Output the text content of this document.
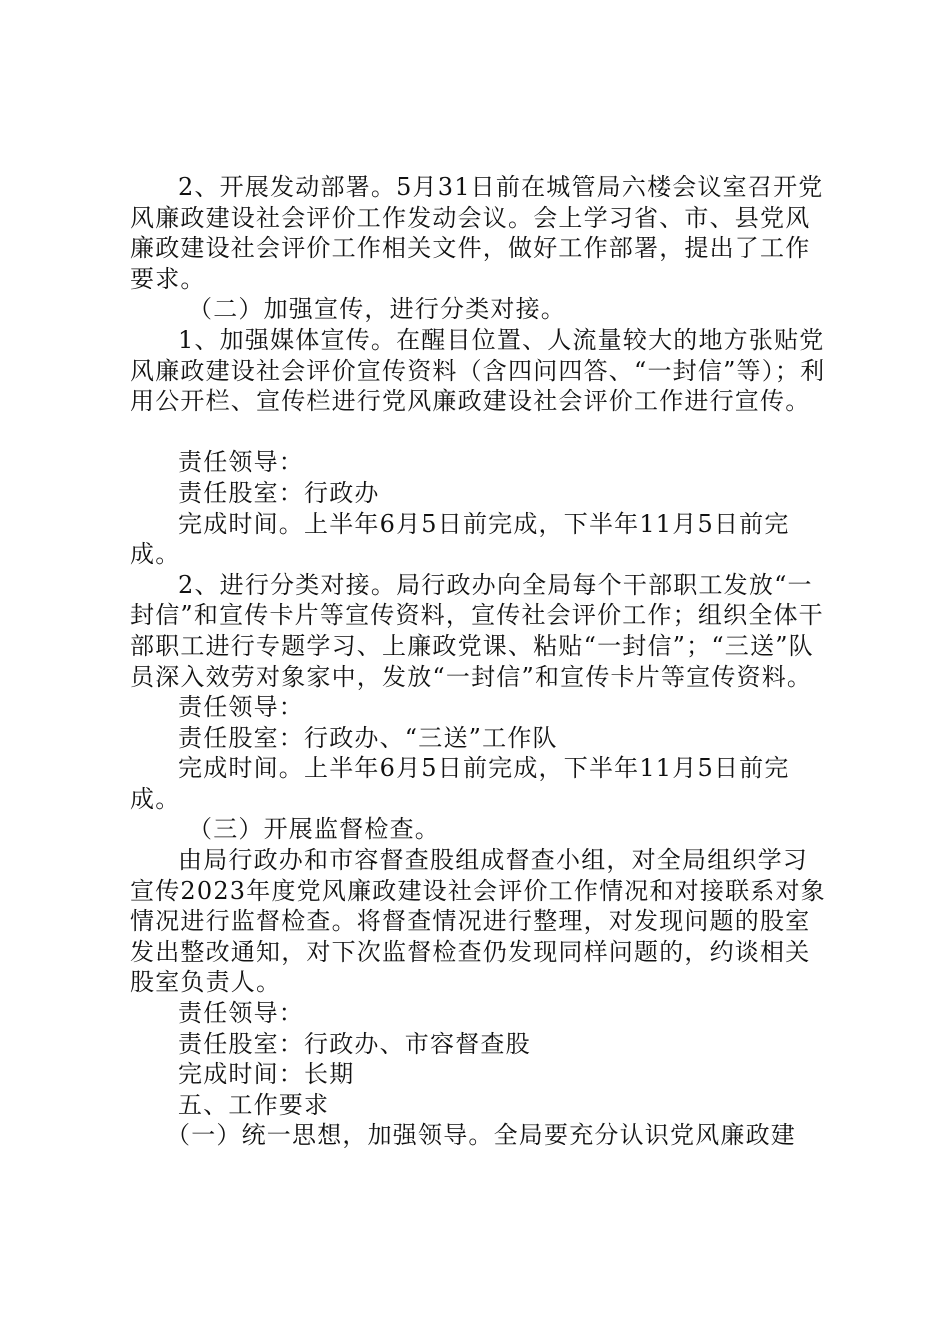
2、开展发动部署。5月31日前在城管局六楼会议室召开党风廉政建设社会评价工作发动会议。会上学习省、市、县党风廉政建设社会评价工作相关文件，做好工作部署，提出了工作要求。

（二）加强宣传，进行分类对接。

1、加强媒体宣传。在醒目位置、人流量较大的地方张贴党风廉政建设社会评价宣传资料（含四问四答、“一封信”等）；利用公开栏、宣传栏进行党风廉政建设社会评价工作进行宣传。

责任领导：

责任股室：行政办

完成时间。上半年6月5日前完成，下半年11月5日前完成。

2、进行分类对接。局行政办向全局每个干部职工发放“一封信”和宣传卡片等宣传资料，宣传社会评价工作；组织全体干部职工进行专题学习、上廉政党课、粘贴“一封信”；“三送”队员深入效劳对象家中，发放“一封信”和宣传卡片等宣传资料。

责任领导：

责任股室：行政办、“三送”工作队

完成时间。上半年6月5日前完成，下半年11月5日前完成。

（三）开展监督检查。

由局行政办和市容督查股组成督查小组，对全局组织学习宣传2023年度党风廉政建设社会评价工作情况和对接联系对象情况进行监督检查。将督查情况进行整理，对发现问题的股室发出整改通知，对下次监督检查仍发现同样问题的，约谈相关股室负责人。

责任领导：

责任股室：行政办、市容督查股

完成时间：长期

五、工作要求

（一）统一思想，加强领导。全局要充分认识党风廉政建
